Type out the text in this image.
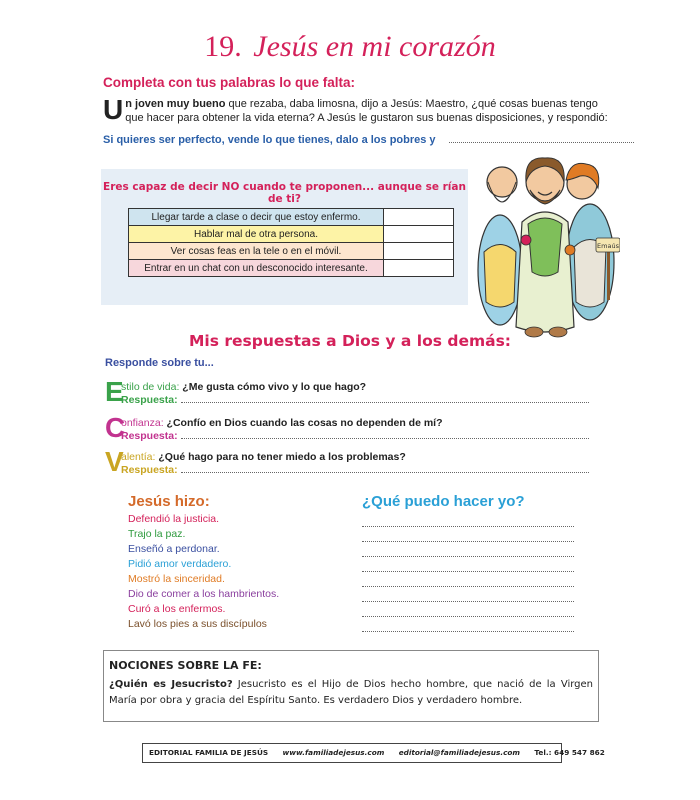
19. Jesús en mi corazón
Completa con tus palabras lo que falta:
Un joven muy bueno que rezaba, daba limosna, dijo a Jesús: Maestro, ¿qué cosas buenas tengo que hacer para obtener la vida eterna? A Jesús le gustaron sus buenas disposiciones, y respondió:
Si quieres ser perfecto, vende lo que tienes, dalo a los pobres y
Eres capaz de decir NO cuando te proponen... aunque se rían de ti?
Llegar tarde a clase o decir que estoy enfermo.	
Hablar mal de otra persona.	
Ver cosas feas en la tele o en el móvil.	
Entrar en un chat con un desconocido interesante.	
Emaús
Mis respuestas a Dios y a los demás:
Responde sobre tu...
E
stilo de vida: ¿Me gusta cómo vivo y lo que hago?
Respuesta:
C
onfianza: ¿Confío en Dios cuando las cosas no dependen de mí?
Respuesta:
V
alentía: ¿Qué hago para no tener miedo a los problemas?
Respuesta:
Jesús hizo:	¿Qué puedo hacer yo?
Defendió la justicia.
Trajo la paz.
Enseñó a perdonar.
Pidió amor verdadero.
Mostró la sinceridad.
Dio de comer a los hambrientos.
Curó a los enfermos.
Lavó los pies a sus discípulos
NOCIONES SOBRE LA FE:
¿Quién es Jesucristo? Jesucristo es el Hijo de Dios hecho hombre, que nació de la Virgen María por obra y gracia del Espíritu Santo. Es verdadero Dios y verdadero hombre.
EDITORIAL FAMILIA DE JESÚS www.familiadejesus.com editorial@familiadejesus.com Tel.: 649 547 862
